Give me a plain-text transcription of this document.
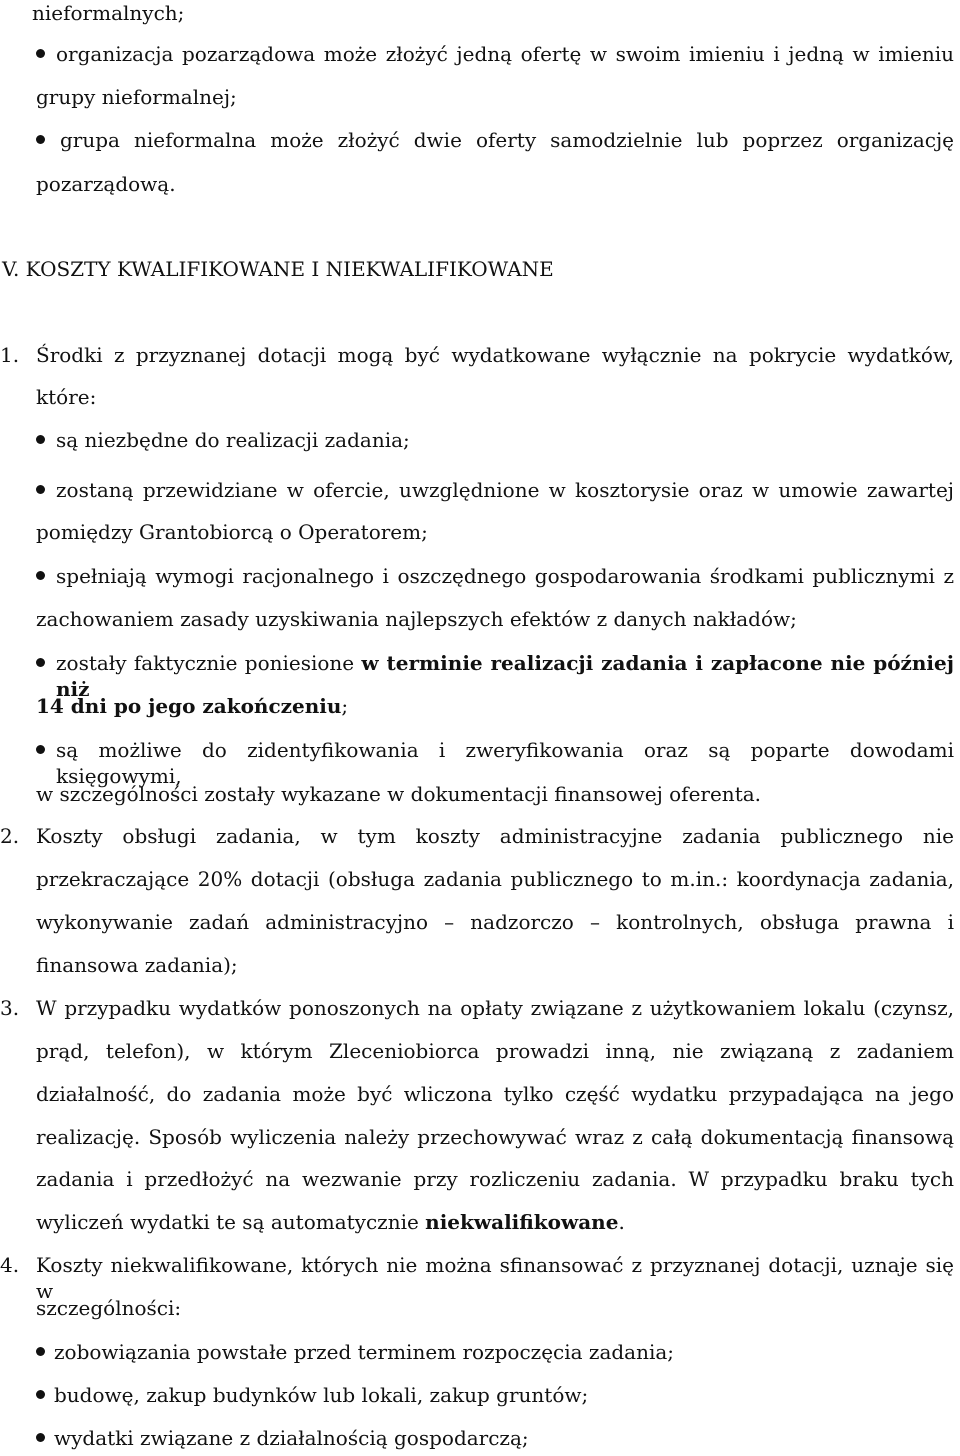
nieformalnych;
organizacja pozarządowa może złożyć jedną ofertę w swoim imieniu i jedną w imieniu
grupy nieformalnej;
grupa nieformalna może złożyć dwie oferty samodzielnie lub poprzez organizację
pozarządową.
V. KOSZTY KWALIFIKOWANE I NIEKWALIFIKOWANE
1. Środki z przyznanej dotacji mogą być wydatkowane wyłącznie na pokrycie wydatków,
które:
są niezbędne do realizacji zadania;
zostaną przewidziane w ofercie, uwzględnione w kosztorysie oraz w umowie zawartej
pomiędzy Grantobiorcą o Operatorem;
spełniają wymogi racjonalnego i oszczędnego gospodarowania środkami publicznymi z
zachowaniem zasady uzyskiwania najlepszych efektów z danych nakładów;
zostały faktycznie poniesione w terminie realizacji zadania i zapłacone nie później niż
14 dni po jego zakończeniu;
są możliwe do zidentyfikowania i zweryfikowania oraz są poparte dowodami księgowymi,
w szczególności zostały wykazane w dokumentacji finansowej oferenta.
2. Koszty obsługi zadania, w tym koszty administracyjne zadania publicznego nie
przekraczające 20% dotacji (obsługa zadania publicznego to m.in.: koordynacja zadania,
wykonywanie zadań administracyjno – nadzorczo – kontrolnych, obsługa prawna i
finansowa zadania);
3. W przypadku wydatków ponoszonych na opłaty związane z użytkowaniem lokalu (czynsz,
prąd, telefon), w którym Zleceniobiorca prowadzi inną, nie związaną z zadaniem
działalność, do zadania może być wliczona tylko część wydatku przypadająca na jego
realizację. Sposób wyliczenia należy przechowywać wraz z całą dokumentacją finansową
zadania i przedłożyć na wezwanie przy rozliczeniu zadania. W przypadku braku tych
wyliczeń wydatki te są automatycznie niekwalifikowane.
4. Koszty niekwalifikowane, których nie można sfinansować z przyznanej dotacji, uznaje się w
szczególności:
zobowiązania powstałe przed terminem rozpoczęcia zadania;
budowę, zakup budynków lub lokali, zakup gruntów;
wydatki związane z działalnością gospodarczą;
